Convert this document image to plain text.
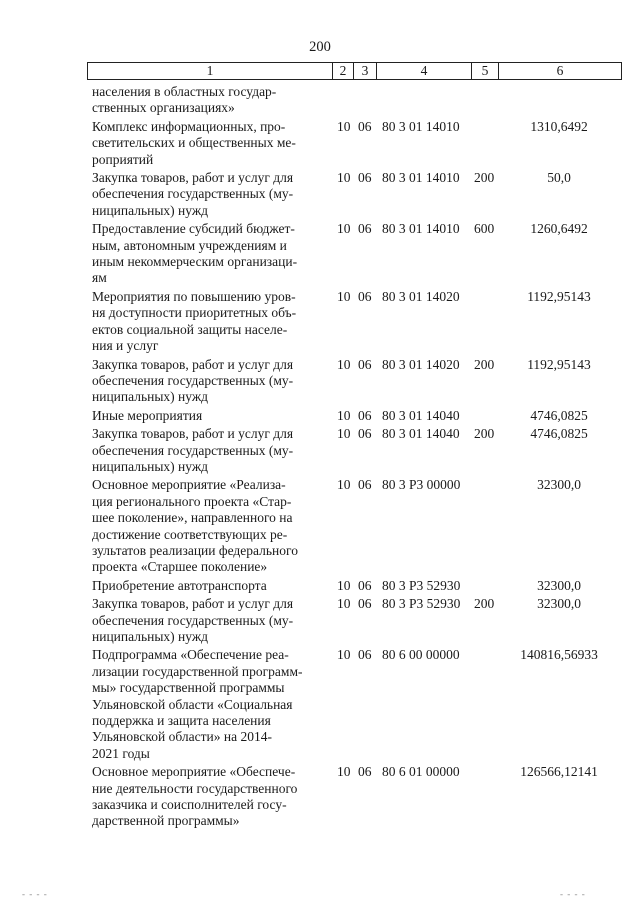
200
1	2	3	4	5	6
населения в областных государ-
ственных организациях»
Комплекс информационных, про-
светительских и общественных ме-
роприятий
10 06 80 3 01 14010	1310,6492
Закупка товаров, работ и услуг для
обеспечения государственных (му-
ниципальных) нужд
10 06 80 3 01 14010 200	50,0
Предоставление субсидий бюджет-
ным, автономным учреждениям и
иным некоммерческим организаци-
ям
10 06 80 3 01 14010 600	1260,6492
Мероприятия по повышению уров-
ня доступности приоритетных объ-
ектов социальной защиты населе-
ния и услуг
10 06 80 3 01 14020	1192,95143
Закупка товаров, работ и услуг для
обеспечения государственных (му-
ниципальных) нужд
10 06 80 3 01 14020 200	1192,95143
Иные мероприятия	10 06 80 3 01 14040	4746,0825
Закупка товаров, работ и услуг для
обеспечения государственных (му-
ниципальных) нужд
10 06 80 3 01 14040 200	4746,0825
Основное мероприятие «Реализа-
ция регионального проекта «Стар-
шее поколение», направленного на
достижение соответствующих ре-
зультатов реализации федерального
проекта «Старшее поколение»
10 06 80 3 P3 00000	32300,0
Приобретение автотранспорта	10 06 80 3 P3 52930	32300,0
Закупка товаров, работ и услуг для
обеспечения государственных (му-
ниципальных) нужд
10 06 80 3 P3 52930 200	32300,0
Подпрограмма «Обеспечение реа-
лизации государственной программ-
мы» государственной программы
Ульяновской области «Социальная
поддержка и защита населения
Ульяновской области» на 2014-
2021 годы
10 06 80 6 00 00000	140816,56933
Основное мероприятие «Обеспече-
ние деятельности государственного
заказчика и соисполнителей госу-
дарственной программы»
10 06 80 6 01 00000	126566,12141
- - - -	- - - -
